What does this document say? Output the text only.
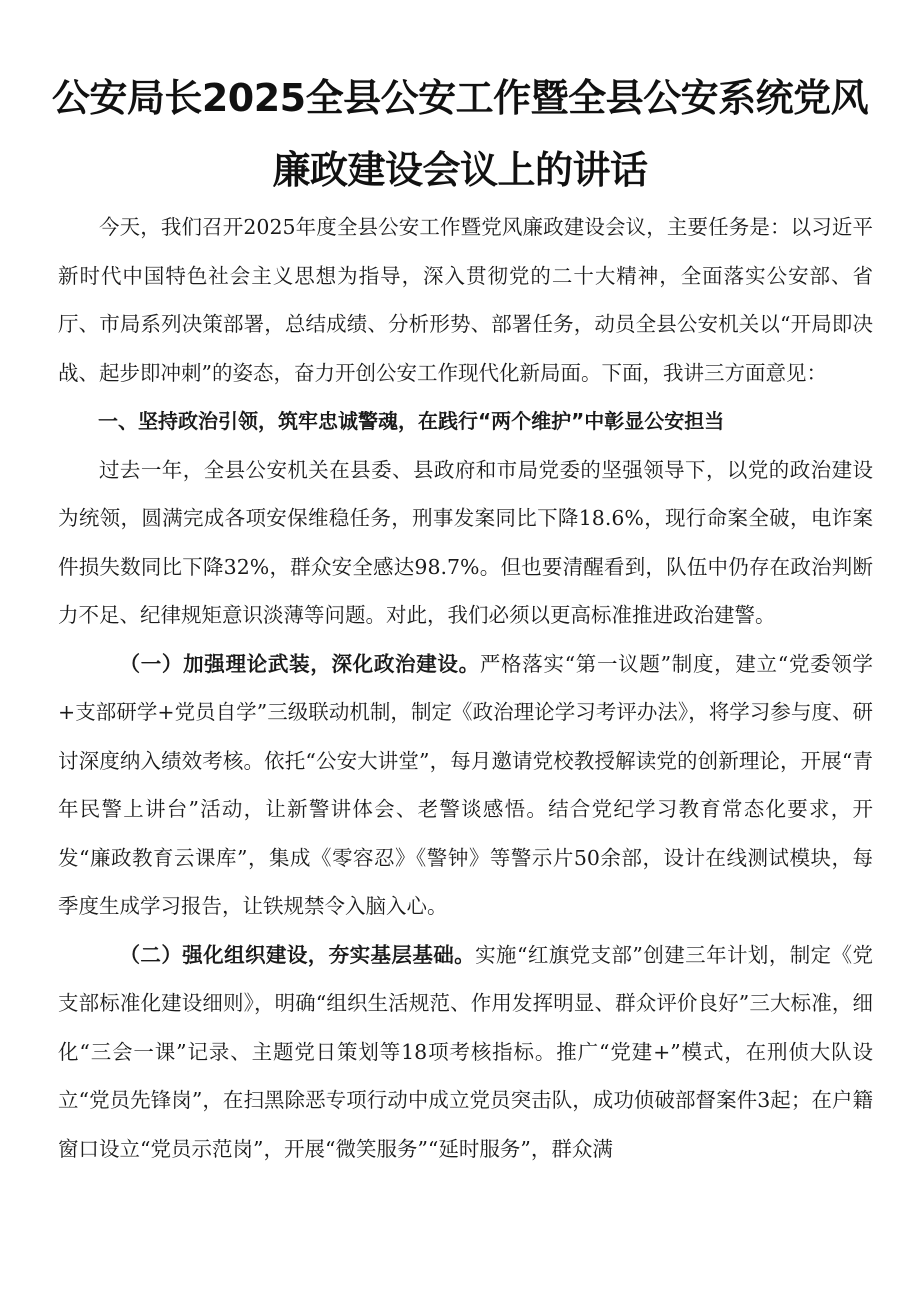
公安局长2025全县公安工作暨全县公安系统党风廉政建设会议上的讲话

今天，我们召开2025年度全县公安工作暨党风廉政建设会议，主要任务是：以习近平新时代中国特色社会主义思想为指导，深入贯彻党的二十大精神，全面落实公安部、省厅、市局系列决策部署，总结成绩、分析形势、部署任务，动员全县公安机关以“开局即决战、起步即冲刺”的姿态，奋力开创公安工作现代化新局面。下面，我讲三方面意见：

一、坚持政治引领，筑牢忠诚警魂，在践行“两个维护”中彰显公安担当

过去一年，全县公安机关在县委、县政府和市局党委的坚强领导下，以党的政治建设为统领，圆满完成各项安保维稳任务，刑事发案同比下降18.6%，现行命案全破，电诈案件损失数同比下降32%，群众安全感达98.7%。但也要清醒看到，队伍中仍存在政治判断力不足、纪律规矩意识淡薄等问题。对此，我们必须以更高标准推进政治建警。

（一）加强理论武装，深化政治建设。严格落实“第一议题”制度，建立“党委领学+支部研学+党员自学”三级联动机制，制定《政治理论学习考评办法》，将学习参与度、研讨深度纳入绩效考核。依托“公安大讲堂”，每月邀请党校教授解读党的创新理论，开展“青年民警上讲台”活动，让新警讲体会、老警谈感悟。结合党纪学习教育常态化要求，开发“廉政教育云课库”，集成《零容忍》《警钟》等警示片50余部，设计在线测试模块，每季度生成学习报告，让铁规禁令入脑入心。

（二）强化组织建设，夯实基层基础。实施“红旗党支部”创建三年计划，制定《党支部标准化建设细则》，明确“组织生活规范、作用发挥明显、群众评价良好”三大标准，细化“三会一课”记录、主题党日策划等18项考核指标。推广“党建+”模式，在刑侦大队设立“党员先锋岗”，在扫黑除恶专项行动中成立党员突击队，成功侦破部督案件3起；在户籍窗口设立“党员示范岗”，开展“微笑服务”“延时服务”，群众满
